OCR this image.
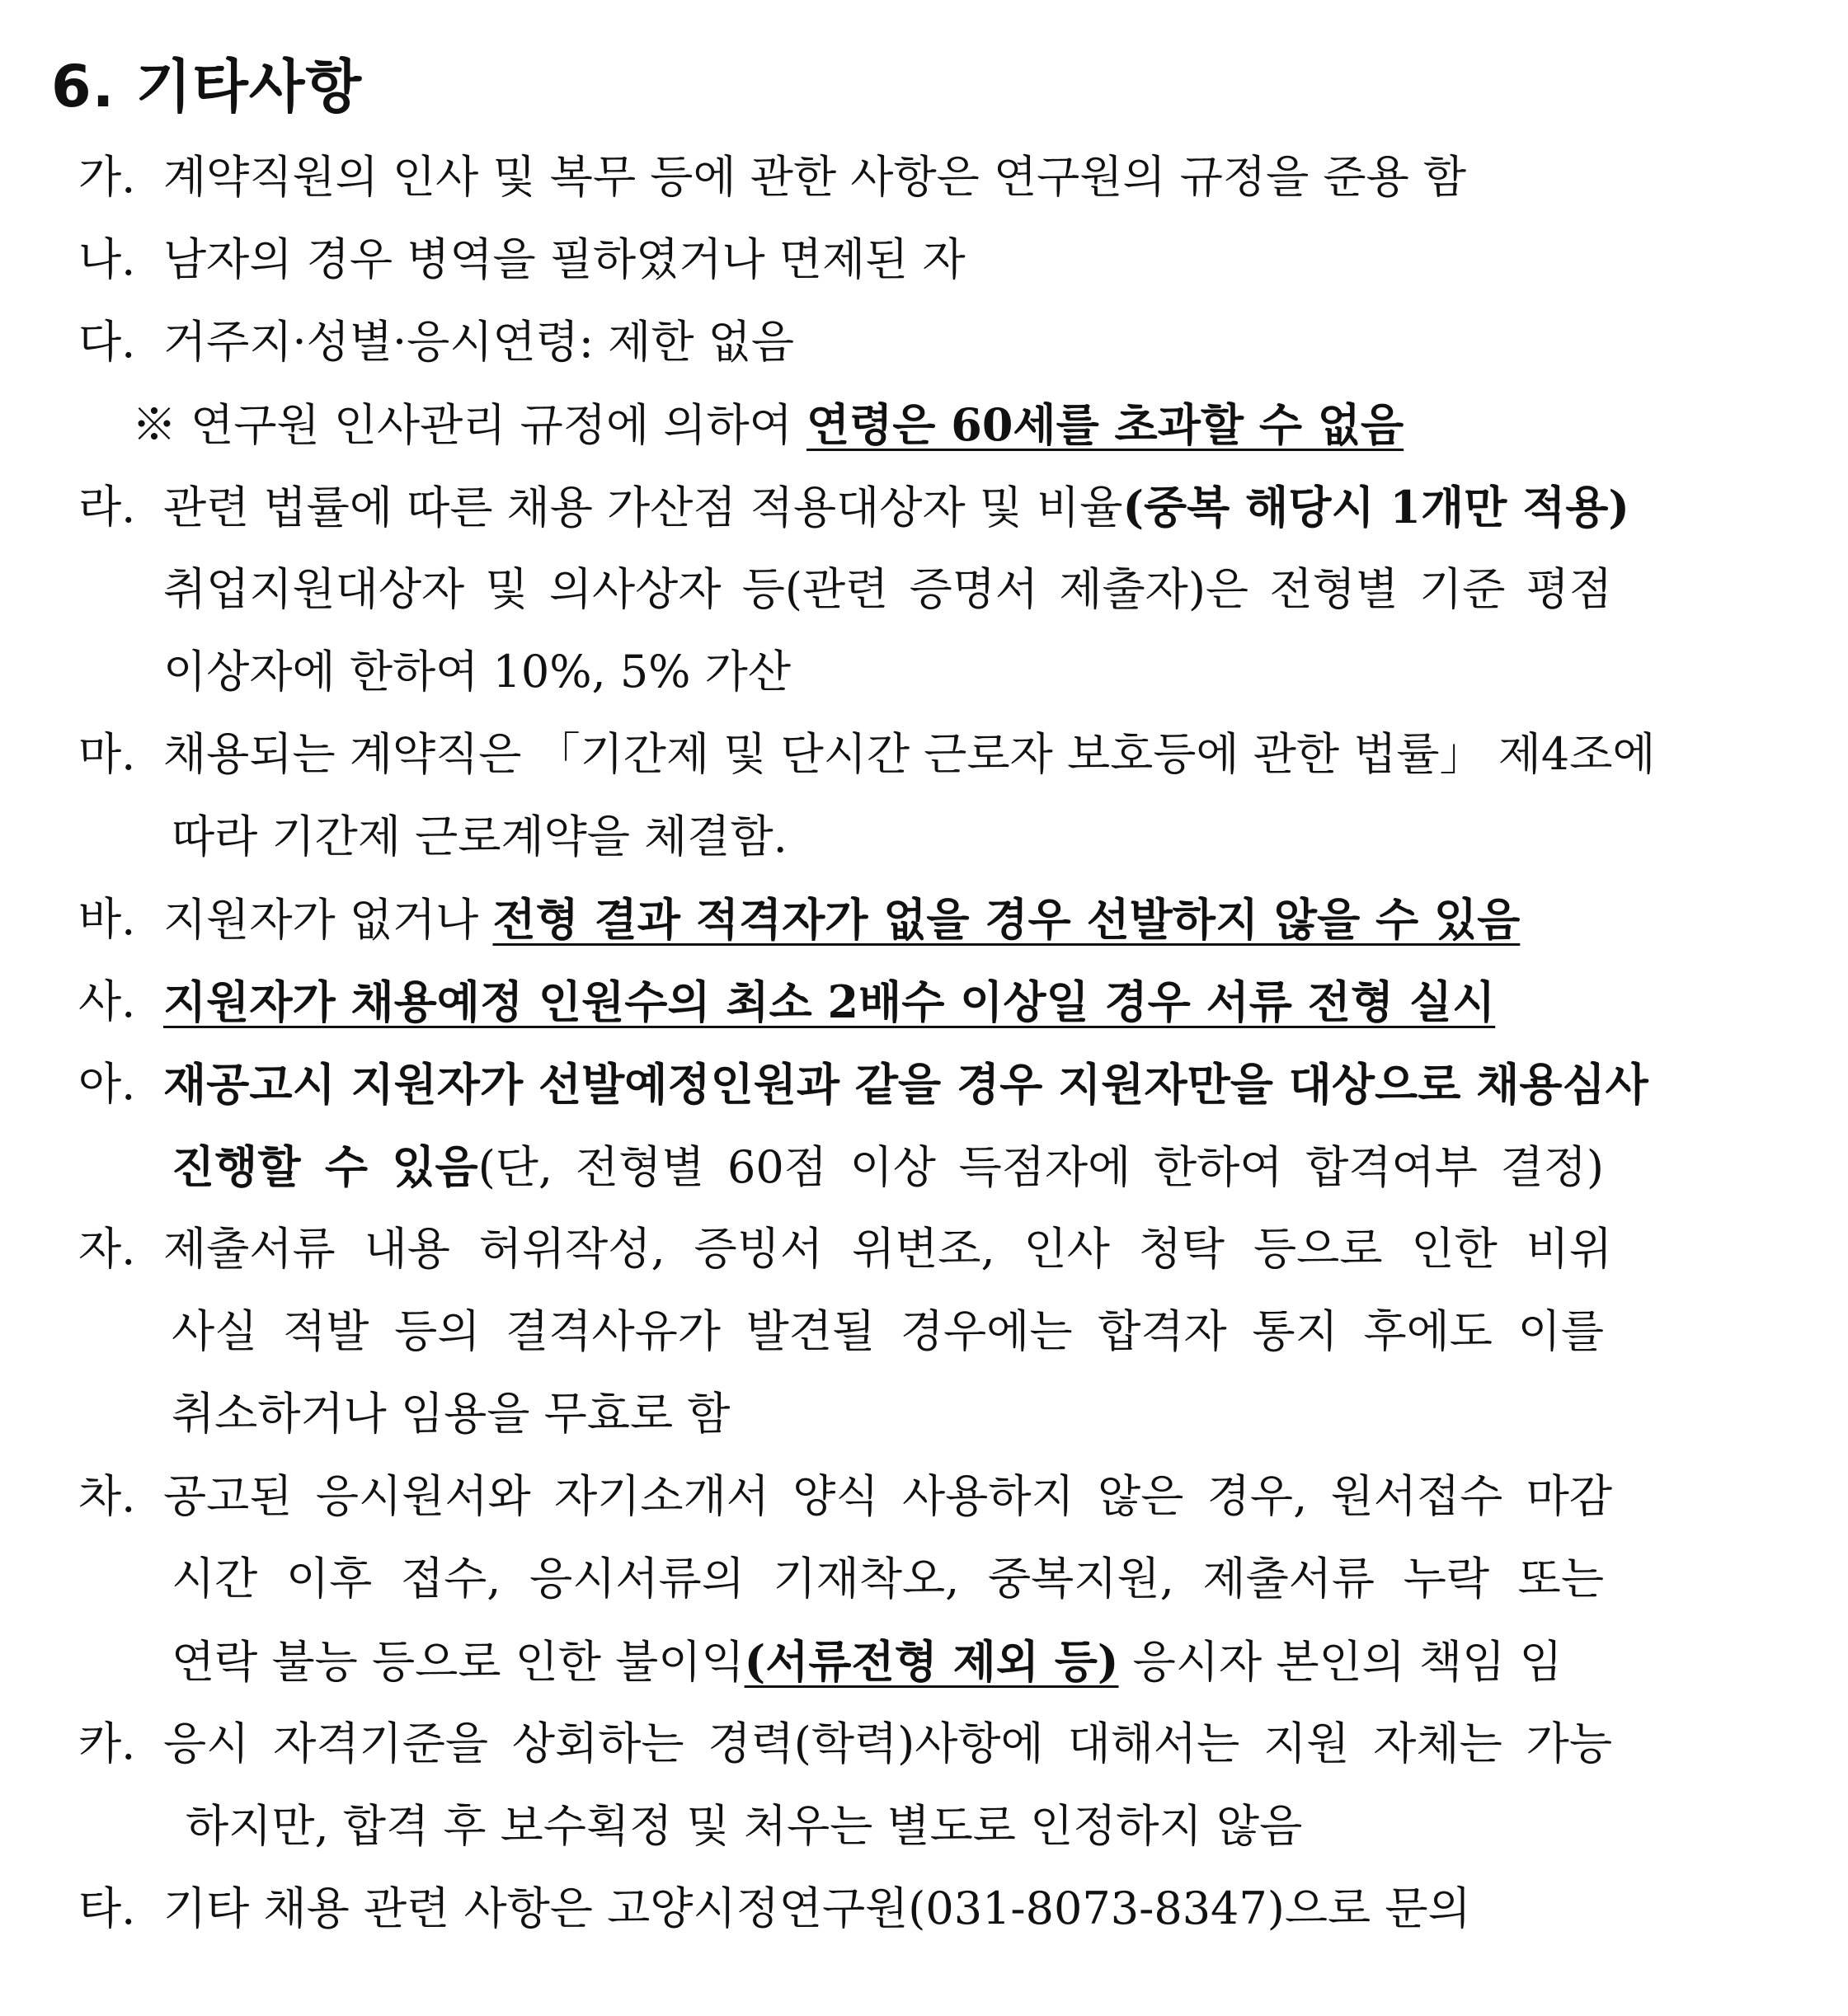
6. 기타사항
가. 계약직원의 인사 및 복무 등에 관한 사항은 연구원의 규정을 준용 함
나. 남자의 경우 병역을 필하였거나 면제된 자
다. 거주지·성별·응시연령: 제한 없음
※ 연구원 인사관리 규정에 의하여 연령은 60세를 초과할 수 없음
라. 관련 법률에 따른 채용 가산점 적용대상자 및 비율(중복 해당시 1개만 적용)
취업지원대상자 및 의사상자 등(관련 증명서 제출자)은 전형별 기준 평점
이상자에 한하여 10%, 5% 가산
마. 채용되는 계약직은 「기간제 및 단시간 근로자 보호등에 관한 법률」 제4조에
따라 기간제 근로계약을 체결함.
바. 지원자가 없거나 전형 결과 적격자가 없을 경우 선발하지 않을 수 있음
사. 지원자가 채용예정 인원수의 최소 2배수 이상일 경우 서류 전형 실시
아. 재공고시 지원자가 선발예정인원과 같을 경우 지원자만을 대상으로 채용심사
진행할 수 있음(단, 전형별 60점 이상 득점자에 한하여 합격여부 결정)
자. 제출서류 내용 허위작성, 증빙서 위변조, 인사 청탁 등으로 인한 비위
사실 적발 등의 결격사유가 발견될 경우에는 합격자 통지 후에도 이를
취소하거나 임용을 무효로 함
차. 공고된 응시원서와 자기소개서 양식 사용하지 않은 경우, 원서접수 마감
시간 이후 접수, 응시서류의 기재착오, 중복지원, 제출서류 누락 또는
연락 불능 등으로 인한 불이익(서류전형 제외 등) 응시자 본인의 책임 임
카. 응시 자격기준을 상회하는 경력(학력)사항에 대해서는 지원 자체는 가능
하지만, 합격 후 보수획정 및 처우는 별도로 인정하지 않음
타. 기타 채용 관련 사항은 고양시정연구원(031-8073-8347)으로 문의
